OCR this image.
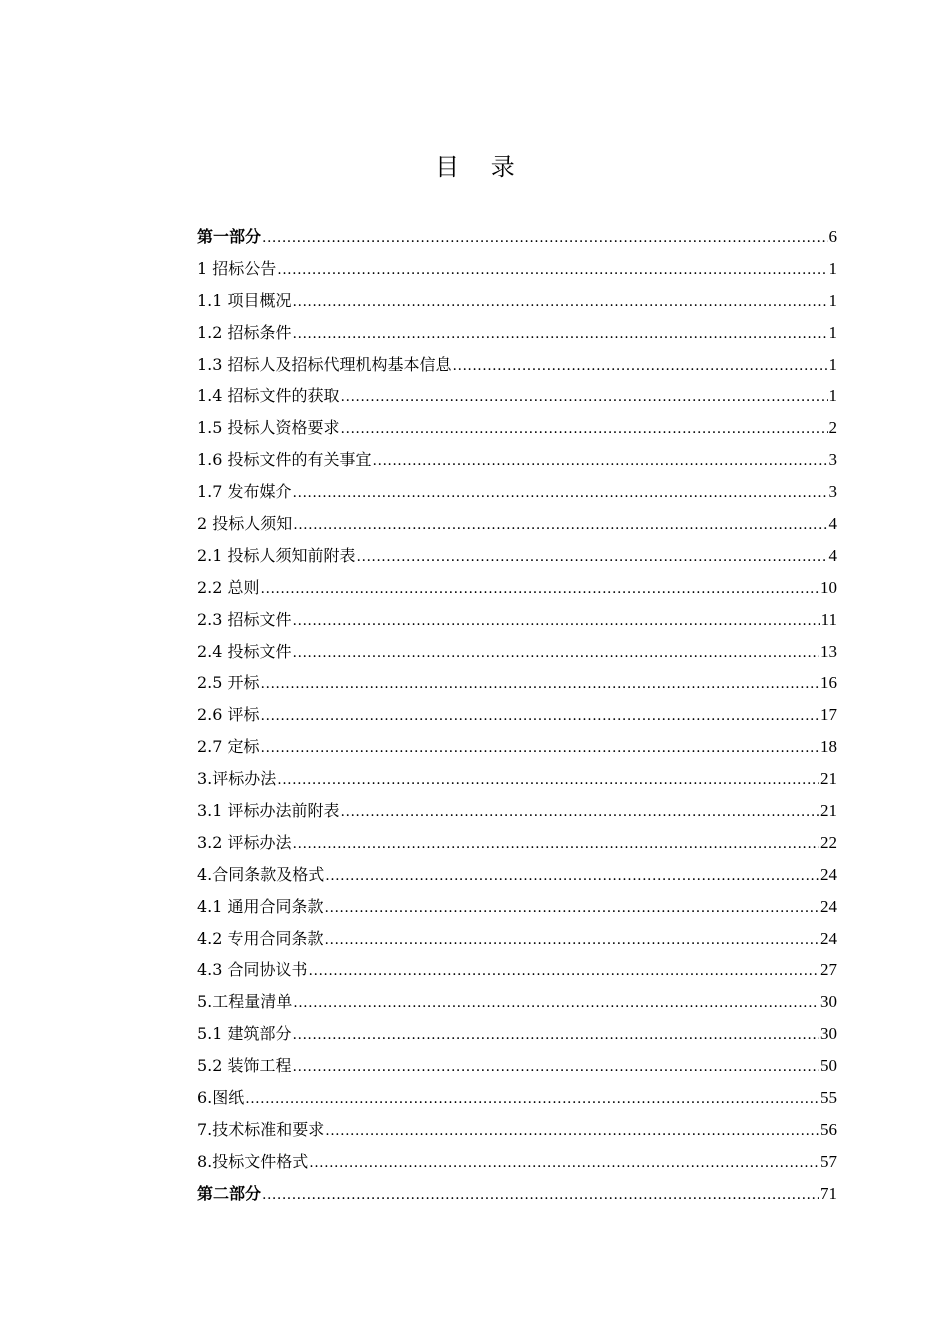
目 录
第一部分 .....	6
1 招标公告 .....	1
1.1 项目概况 .....	1
1.2 招标条件 .....	1
1.3 招标人及招标代理机构基本信息 .....	1
1.4 招标文件的获取 .....	1
1.5 投标人资格要求 .....	2
1.6 投标文件的有关事宜 .....	3
1.7 发布媒介 .....	3
2 投标人须知 .....	4
2.1 投标人须知前附表 .....	4
2.2 总则 .....	10
2.3 招标文件 .....	11
2.4 投标文件 .....	13
2.5 开标 .....	16
2.6 评标 .....	17
2.7 定标 .....	18
3.评标办法 .....	21
3.1 评标办法前附表 .....	21
3.2 评标办法 .....	22
4.合同条款及格式 .....	24
4.1 通用合同条款 .....	24
4.2 专用合同条款 .....	24
4.3 合同协议书 .....	27
5.工程量清单 .....	30
5.1 建筑部分 .....	30
5.2 装饰工程 .....	50
6.图纸 .....	55
7.技术标准和要求 .....	56
8.投标文件格式 .....	57
第二部分 .....	71
